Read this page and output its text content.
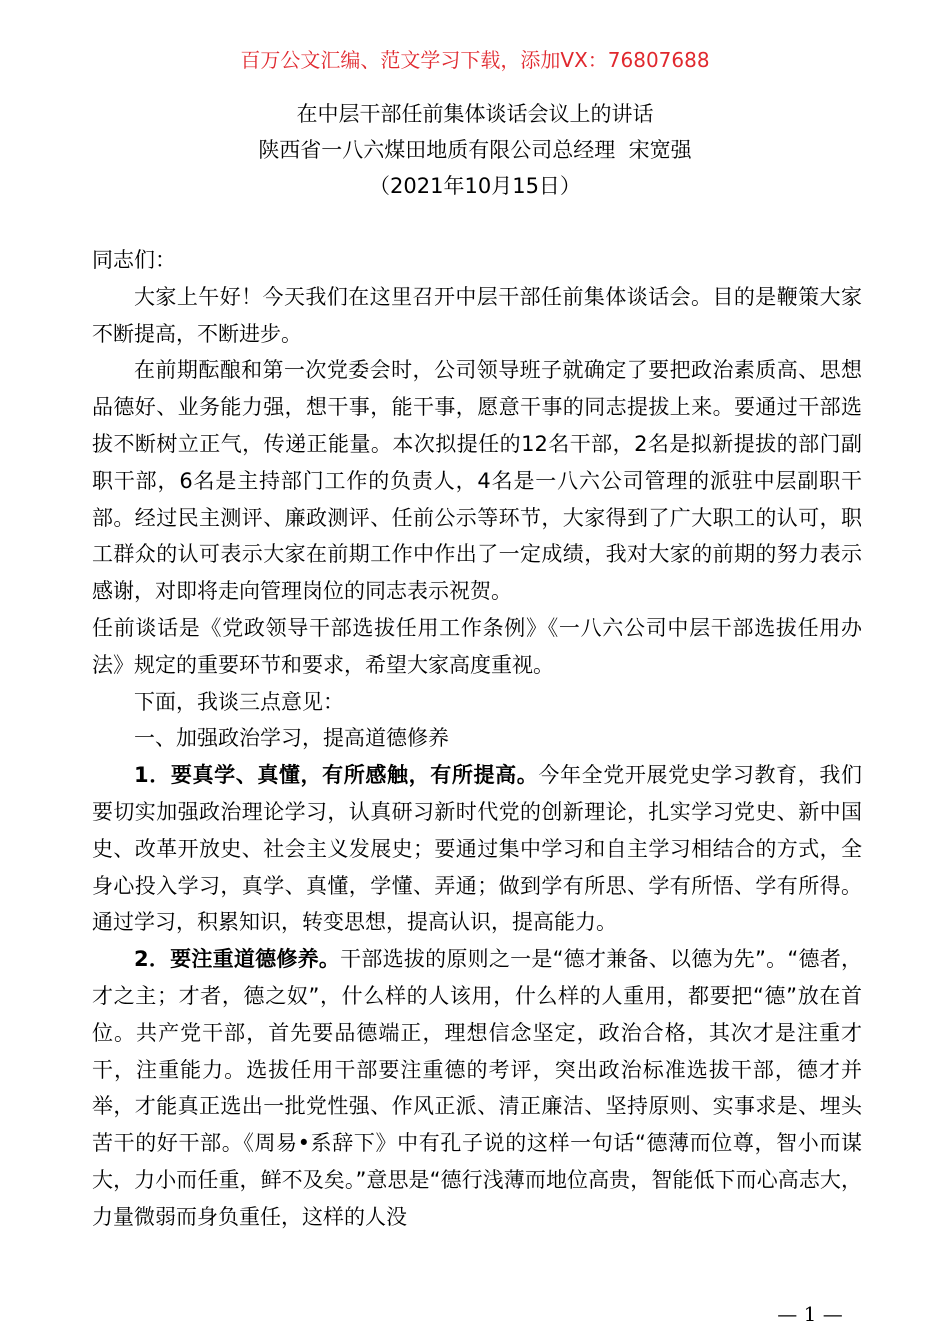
百万公文汇编、范文学习下载，添加VX：76807688
在中层干部任前集体谈话会议上的讲话
陕西省一八六煤田地质有限公司总经理  宋宽强
（2021年10月15日）

同志们：

大家上午好！今天我们在这里召开中层干部任前集体谈话会。目的是鞭策大家不断提高，不断进步。

在前期酝酿和第一次党委会时，公司领导班子就确定了要把政治素质高、思想品德好、业务能力强，想干事，能干事，愿意干事的同志提拔上来。要通过干部选拔不断树立正气，传递正能量。本次拟提任的12名干部，2名是拟新提拔的部门副职干部，6名是主持部门工作的负责人，4名是一八六公司管理的派驻中层副职干部。经过民主测评、廉政测评、任前公示等环节，大家得到了广大职工的认可，职工群众的认可表示大家在前期工作中作出了一定成绩，我对大家的前期的努力表示感谢，对即将走向管理岗位的同志表示祝贺。

任前谈话是《党政领导干部选拔任用工作条例》《一八六公司中层干部选拔任用办法》规定的重要环节和要求，希望大家高度重视。

下面，我谈三点意见：

一、加强政治学习，提高道德修养

1．要真学、真懂，有所感触，有所提高。今年全党开展党史学习教育，我们要切实加强政治理论学习，认真研习新时代党的创新理论，扎实学习党史、新中国史、改革开放史、社会主义发展史；要通过集中学习和自主学习相结合的方式，全身心投入学习，真学、真懂，学懂、弄通；做到学有所思、学有所悟、学有所得。通过学习，积累知识，转变思想，提高认识，提高能力。

2．要注重道德修养。干部选拔的原则之一是“德才兼备、以德为先”。“德者，才之主；才者，德之奴”，什么样的人该用，什么样的人重用，都要把“德”放在首位。共产党干部，首先要品德端正，理想信念坚定，政治合格，其次才是注重才干，注重能力。选拔任用干部要注重德的考评，突出政治标准选拔干部，德才并举，才能真正选出一批党性强、作风正派、清正廉洁、坚持原则、实事求是、埋头苦干的好干部。《周易•系辞下》中有孔子说的这样一句话“德薄而位尊，智小而谋大，力小而任重，鲜不及矣。”意思是“德行浅薄而地位高贵，智能低下而心高志大，力量微弱而身负重任，这样的人没

— 1 —
